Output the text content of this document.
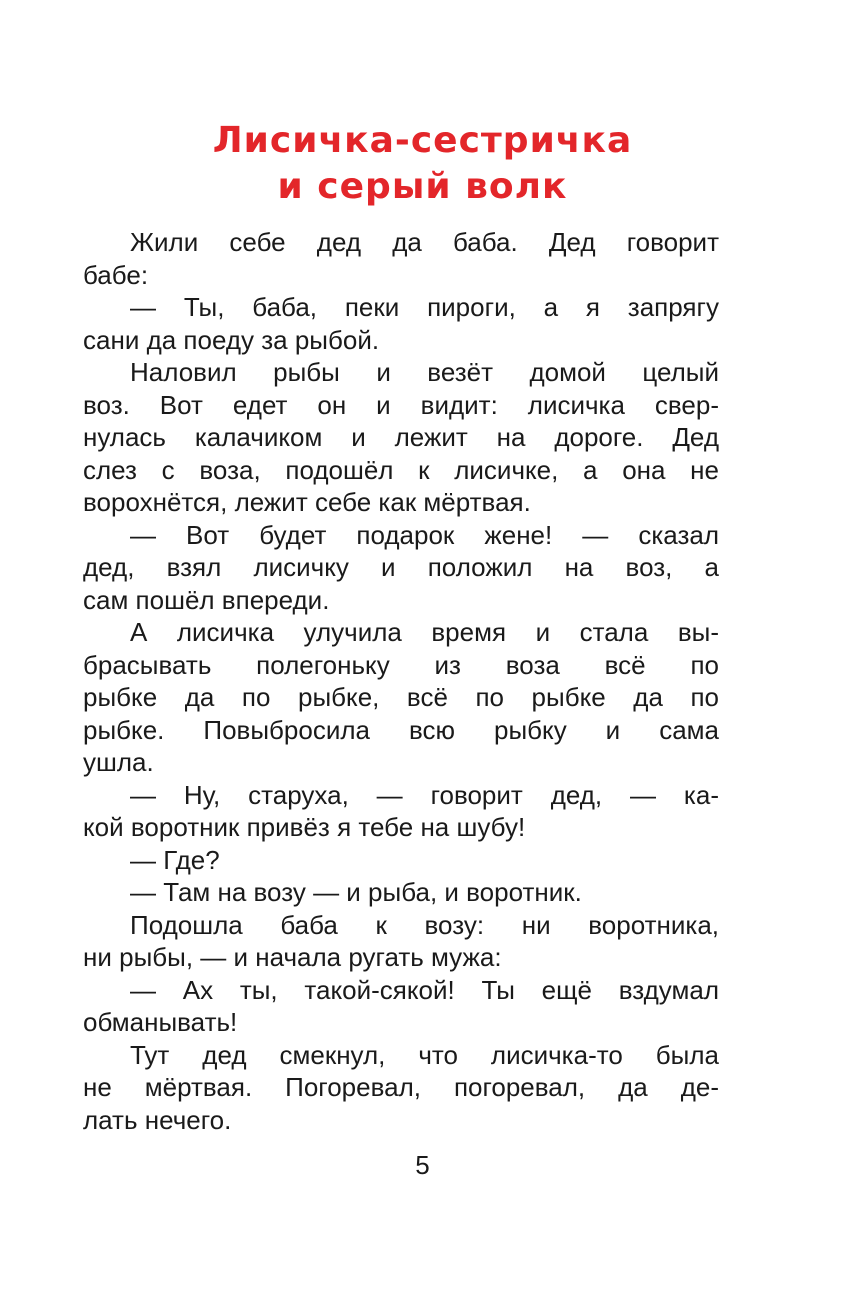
Лисичка-сестричка
и серый волк
Жили себе дед да баба. Дед говорит
бабе:
— Ты, баба, пеки пироги, а я запрягу
сани да поеду за рыбой.
Наловил рыбы и везёт домой целый
воз. Вот едет он и видит: лисичка свер-
нулась калачиком и лежит на дороге. Дед
слез с воза, подошёл к лисичке, а она не
ворохнётся, лежит себе как мёртвая.
— Вот будет подарок жене! — сказал
дед, взял лисичку и положил на воз, а
сам пошёл впереди.
А лисичка улучила время и стала вы-
брасывать полегоньку из воза всё по
рыбке да по рыбке, всё по рыбке да по
рыбке. Повыбросила всю рыбку и сама
ушла.
— Ну, старуха, — говорит дед, — ка-
кой воротник привёз я тебе на шубу!
— Где?
— Там на возу — и рыба, и воротник.
Подошла баба к возу: ни воротника,
ни рыбы, — и начала ругать мужа:
— Ах ты, такой-сякой! Ты ещё вздумал
обманывать!
Тут дед смекнул, что лисичка-то была
не мёртвая. Погоревал, погоревал, да де-
лать нечего.
5
